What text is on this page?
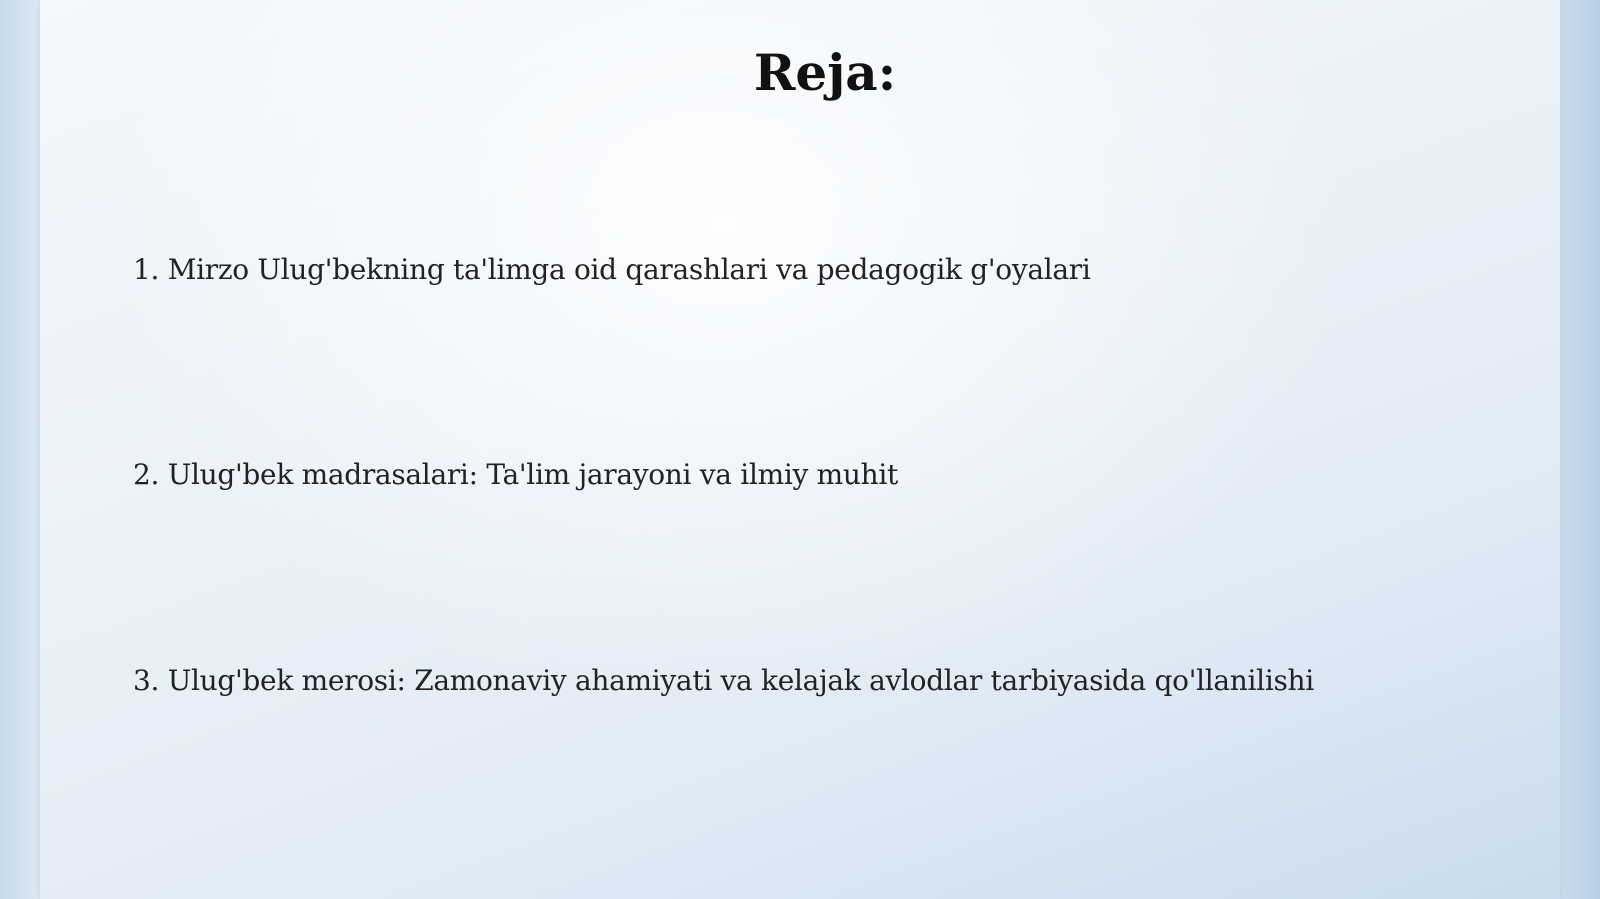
Reja:
1. Mirzo Ulug'bekning ta'limga oid qarashlari va pedagogik g'oyalari
2. Ulug'bek madrasalari: Ta'lim jarayoni va ilmiy muhit
3. Ulug'bek merosi: Zamonaviy ahamiyati va kelajak avlodlar tarbiyasida qo'llanilishi
